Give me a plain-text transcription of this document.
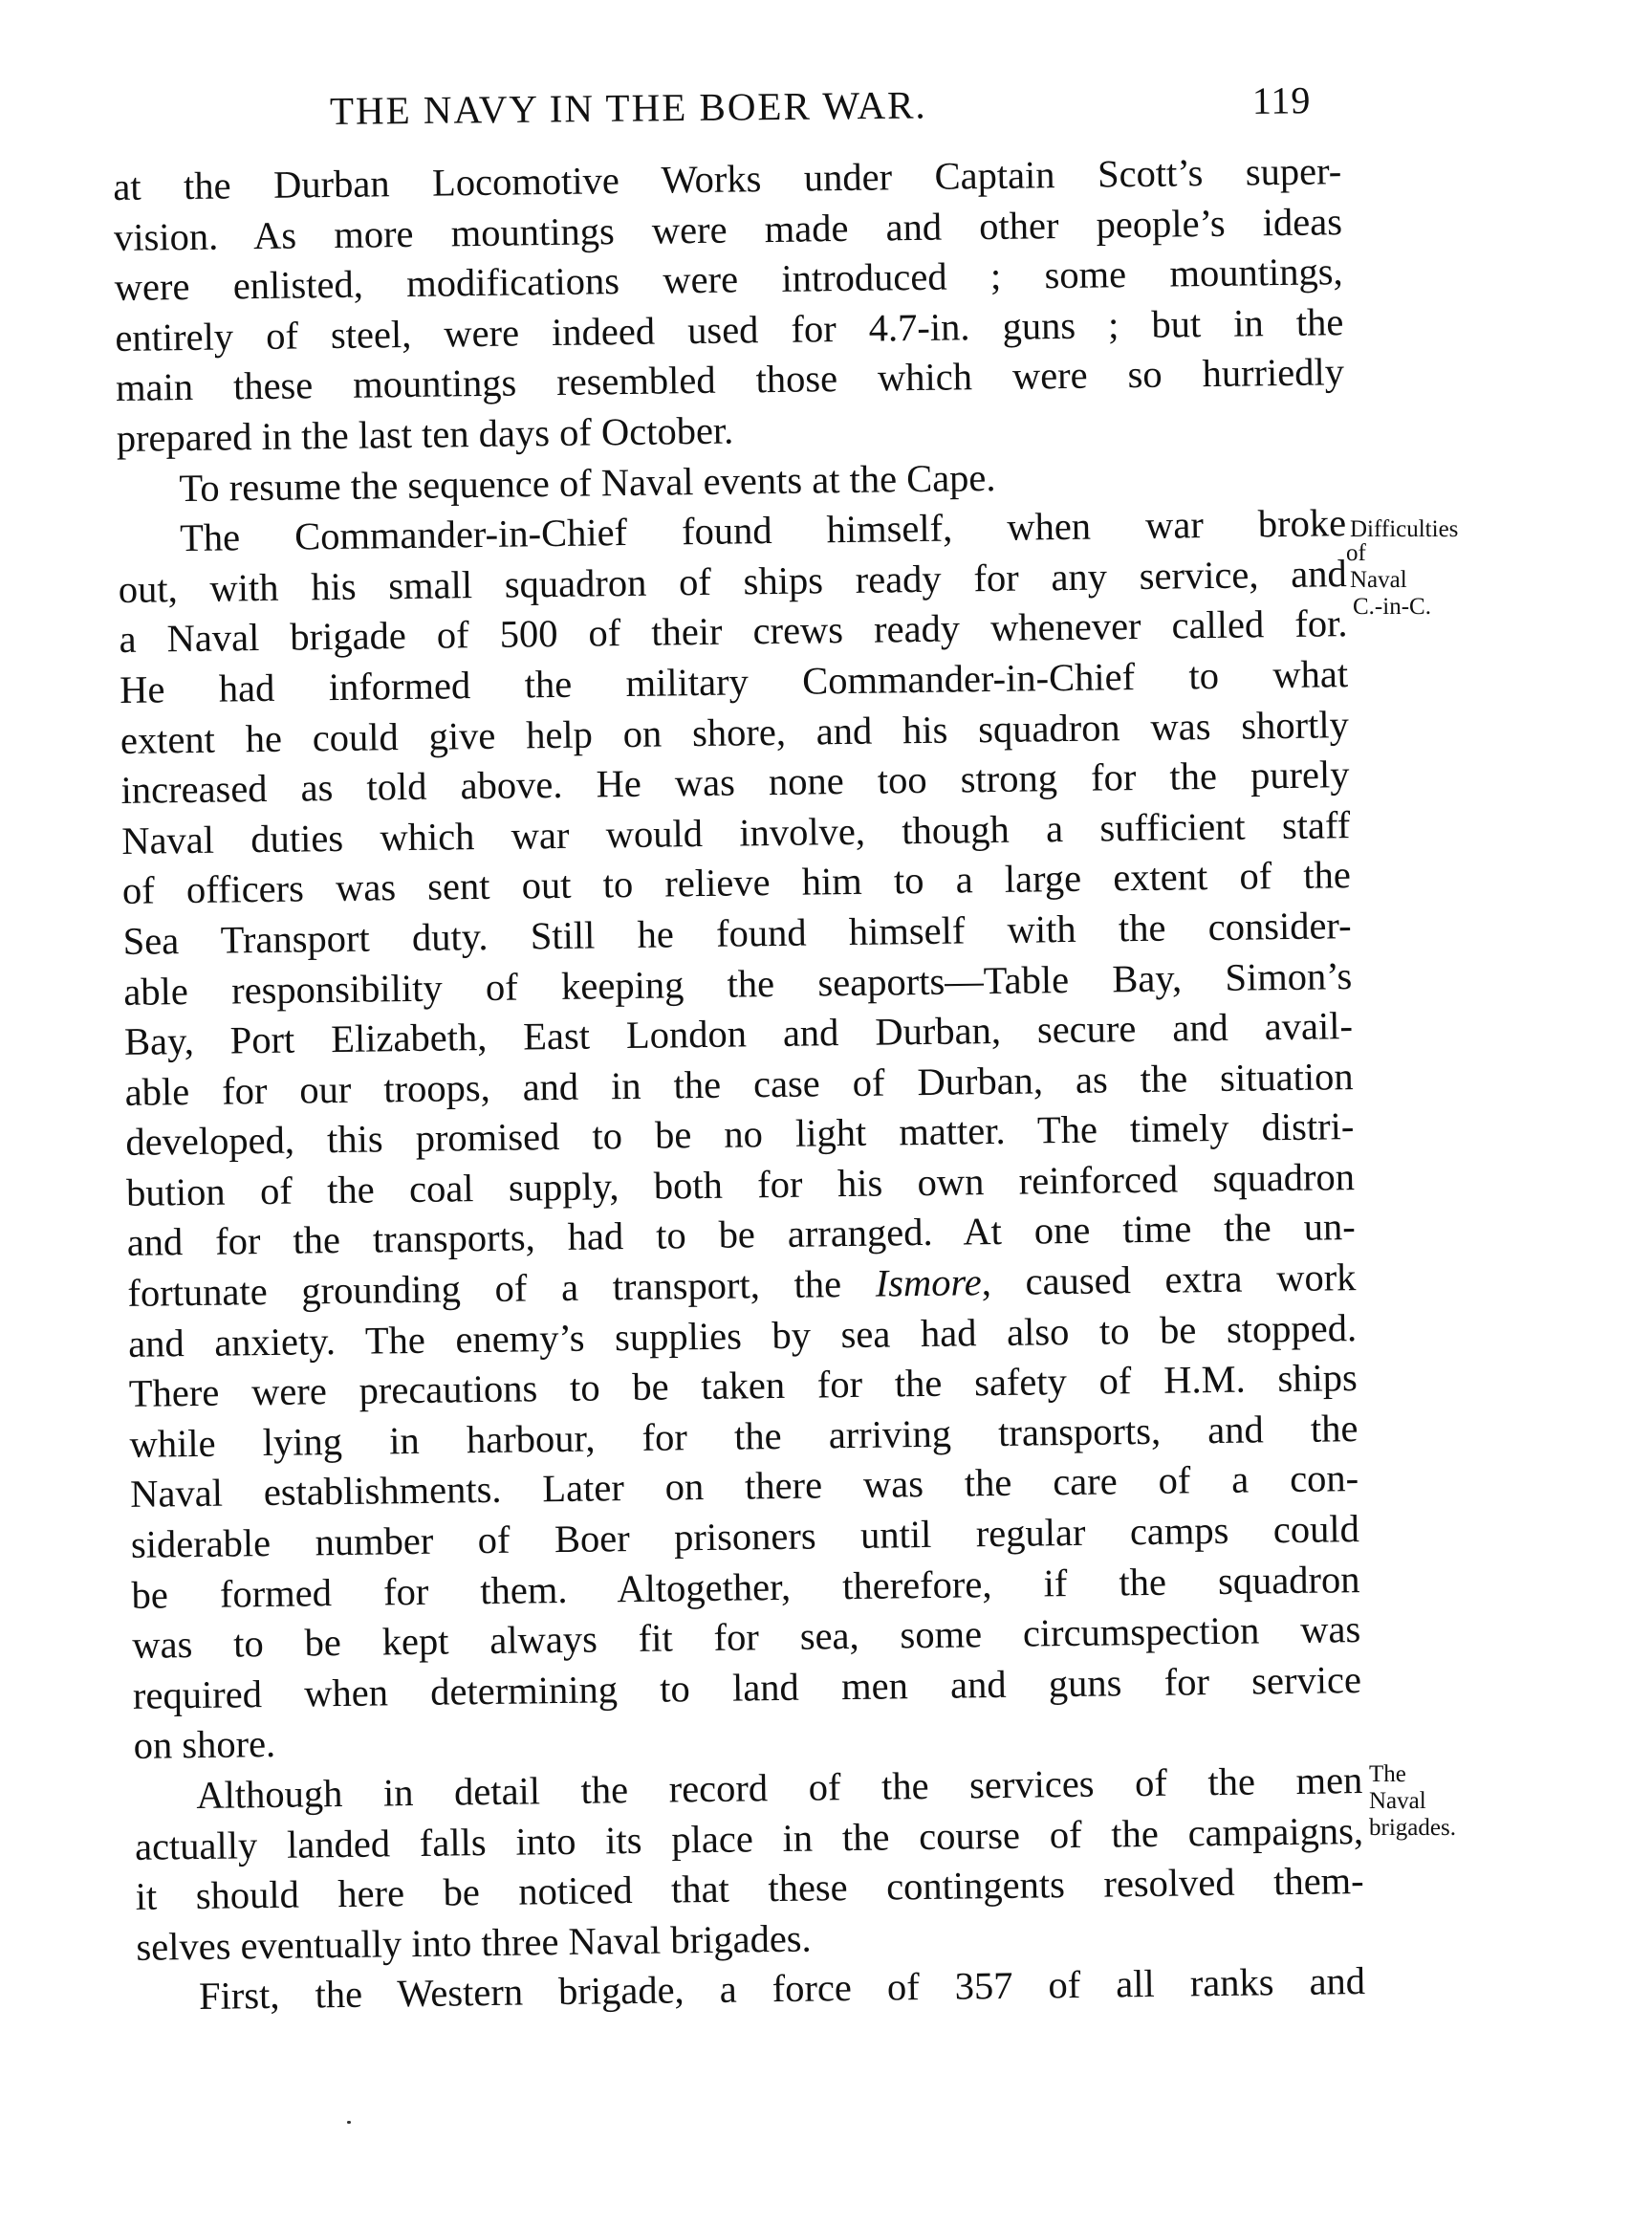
THE NAVY IN THE BOER WAR.	119
at the Durban Locomotive Works under Captain Scott’s super-
vision. As more mountings were made and other people’s ideas
were enlisted, modifications were introduced ; some mountings,
entirely of steel, were indeed used for 4.7-in. guns ; but in the
main these mountings resembled those which were so hurriedly
prepared in the last ten days of October.
To resume the sequence of Naval events at the Cape.
The Commander-in-Chief found himself, when war broke
out, with his small squadron of ships ready for any service, and
a Naval brigade of 500 of their crews ready whenever called for.
He had informed the military Commander-in-Chief to what
extent he could give help on shore, and his squadron was shortly
increased as told above. He was none too strong for the purely
Naval duties which war would involve, though a sufficient staff
of officers was sent out to relieve him to a large extent of the
Sea Transport duty. Still he found himself with the consider-
able responsibility of keeping the seaports—Table Bay, Simon’s
Bay, Port Elizabeth, East London and Durban, secure and avail-
able for our troops, and in the case of Durban, as the situation
developed, this promised to be no light matter. The timely distri-
bution of the coal supply, both for his own reinforced squadron
and for the transports, had to be arranged. At one time the un-
fortunate grounding of a transport, the Ismore, caused extra work
and anxiety. The enemy’s supplies by sea had also to be stopped.
There were precautions to be taken for the safety of H.M. ships
while lying in harbour, for the arriving transports, and the
Naval establishments. Later on there was the care of a con-
siderable number of Boer prisoners until regular camps could
be formed for them. Altogether, therefore, if the squadron
was to be kept always fit for sea, some circumspection was
required when determining to land men and guns for service
on shore.
Although in detail the record of the services of the men
actually landed falls into its place in the course of the campaigns,
it should here be noticed that these contingents resolved them-
selves eventually into three Naval brigades.
First, the Western brigade, a force of 357 of all ranks and
Difficulties
of
Naval
C.-in-C.
The
Naval
brigades.
